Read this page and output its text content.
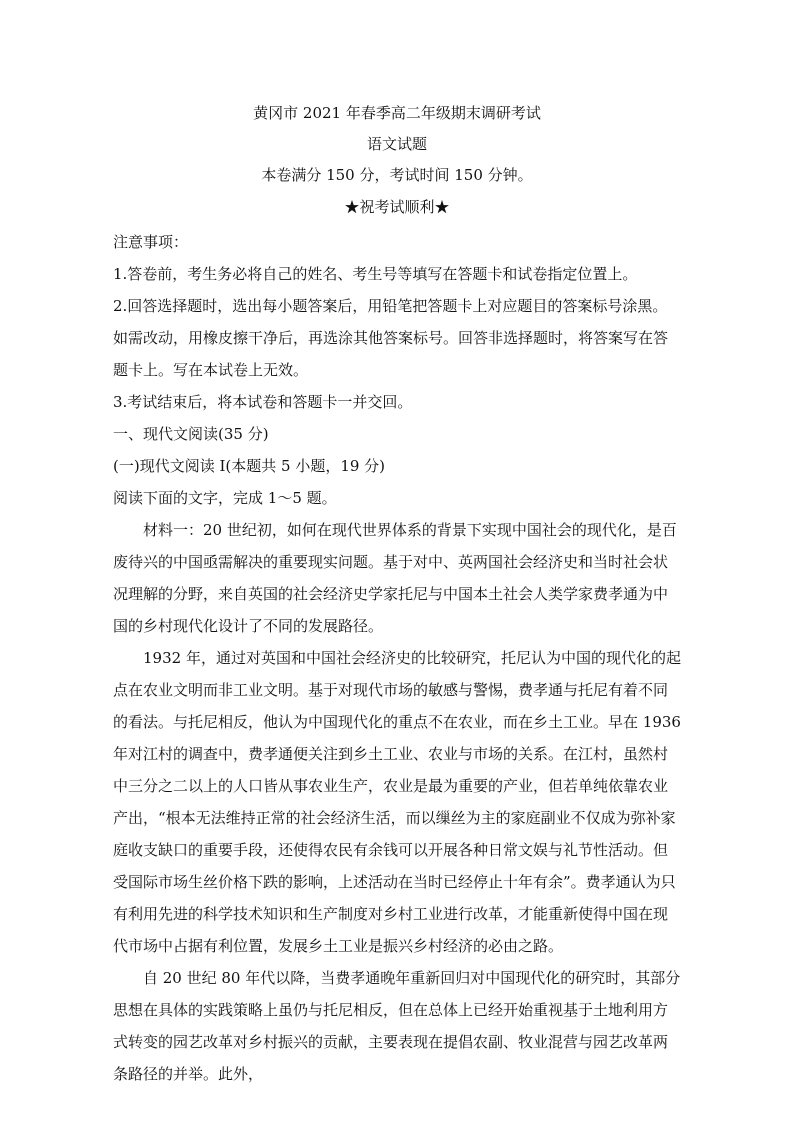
黄冈市 2021 年春季高二年级期末调研考试
语文试题
本卷满分 150 分，考试时间 150 分钟。
★祝考试顺利★

注意事项：

1.答卷前，考生务必将自己的姓名、考生号等填写在答题卡和试卷指定位置上。

2.回答选择题时，选出每小题答案后，用铅笔把答题卡上对应题目的答案标号涂黑。如需改动，用橡皮擦干净后，再选涂其他答案标号。回答非选择题时，将答案写在答题卡上。写在本试卷上无效。

3.考试结束后，将本试卷和答题卡一并交回。

一、现代文阅读(35 分)

(一)现代文阅读 I(本题共 5 小题，19 分)

阅读下面的文字，完成 1～5 题。

材料一：20 世纪初，如何在现代世界体系的背景下实现中国社会的现代化，是百废待兴的中国亟需解决的重要现实问题。基于对中、英两国社会经济史和当时社会状况理解的分野，来自英国的社会经济史学家托尼与中国本土社会人类学家费孝通为中国的乡村现代化设计了不同的发展路径。

1932 年，通过对英国和中国社会经济史的比较研究，托尼认为中国的现代化的起点在农业文明而非工业文明。基于对现代市场的敏感与警惕，费孝通与托尼有着不同的看法。与托尼相反，他认为中国现代化的重点不在农业，而在乡土工业。早在 1936 年对江村的调查中，费孝通便关注到乡土工业、农业与市场的关系。在江村，虽然村中三分之二以上的人口皆从事农业生产，农业是最为重要的产业，但若单纯依靠农业产出，“根本无法维持正常的社会经济生活，而以缫丝为主的家庭副业不仅成为弥补家庭收支缺口的重要手段，还使得农民有余钱可以开展各种日常文娱与礼节性活动。但受国际市场生丝价格下跌的影响，上述活动在当时已经停止十年有余”。费孝通认为只有利用先进的科学技术知识和生产制度对乡村工业进行改革，才能重新使得中国在现代市场中占据有利位置，发展乡土工业是振兴乡村经济的必由之路。

自 20 世纪 80 年代以降，当费孝通晚年重新回归对中国现代化的研究时，其部分思想在具体的实践策略上虽仍与托尼相反，但在总体上已经开始重视基于土地利用方式转变的园艺改革对乡村振兴的贡献，主要表现在提倡农副、牧业混营与园艺改革两条路径的并举。此外，
